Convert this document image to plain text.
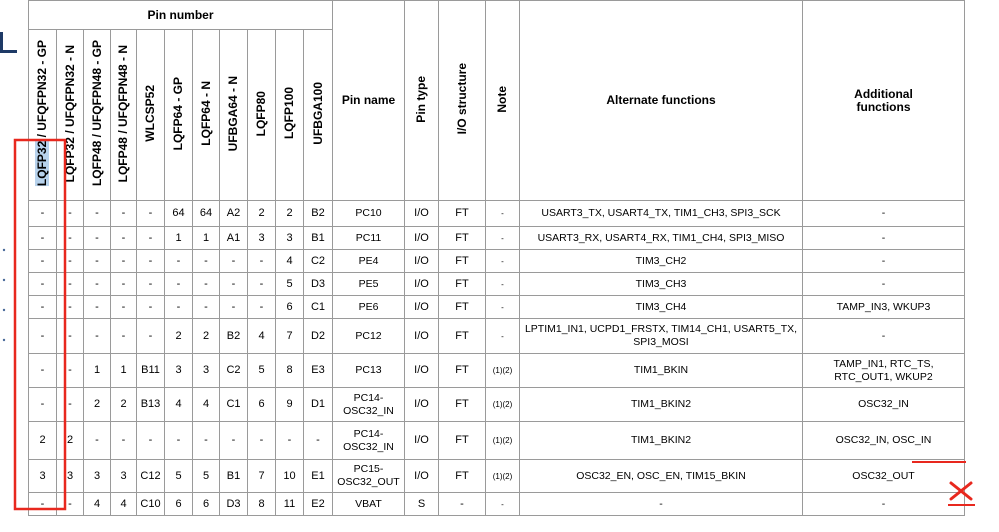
Pin number											Pin name	Pin type	I/O structure	Note	Alternate functions	Additional functions
LQFP32 / UFQFPN32 - GP	LQFP32 / UFQFPN32 - N	LQFP48 / UFQFPN48 - GP	LQFP48 / UFQFPN48 - N	WLCSP52	LQFP64 - GP	LQFP64 - N	UFBGA64 - N	LQFP80	LQFP100	UFBGA100						
-	-	-	-	-	64	64	A2	2	2	B2	PC10	I/O	FT	-	USART3_TX, USART4_TX, TIM1_CH3, SPI3_SCK	-
-	-	-	-	-	1	1	A1	3	3	B1	PC11	I/O	FT	-	USART3_RX, USART4_RX, TIM1_CH4, SPI3_MISO	-
-	-	-	-	-	-	-	-	-	4	C2	PE4	I/O	FT	-	TIM3_CH2	-
-	-	-	-	-	-	-	-	-	5	D3	PE5	I/O	FT	-	TIM3_CH3	-
-	-	-	-	-	-	-	-	-	6	C1	PE6	I/O	FT	-	TIM3_CH4	TAMP_IN3, WKUP3
-	-	-	-	-	2	2	B2	4	7	D2	PC12	I/O	FT	-	LPTIM1_IN1, UCPD1_FRSTX, TIM14_CH1, USART5_TX, SPI3_MOSI	-
-	-	1	1	B11	3	3	C2	5	8	E3	PC13	I/O	FT	(1)(2)	TIM1_BKIN	TAMP_IN1, RTC_TS, RTC_OUT1, WKUP2
-	-	2	2	B13	4	4	C1	6	9	D1	PC14-OSC32_IN	I/O	FT	(1)(2)	TIM1_BKIN2	OSC32_IN
2	2	-	-	-	-	-	-	-	-	-	PC14-OSC32_IN	I/O	FT	(1)(2)	TIM1_BKIN2	OSC32_IN, OSC_IN
3	3	3	3	C12	5	5	B1	7	10	E1	PC15-OSC32_OUT	I/O	FT	(1)(2)	OSC32_EN, OSC_EN, TIM15_BKIN	OSC32_OUT
-	-	4	4	C10	6	6	D3	8	11	E2	VBAT	S	-	-	-	-
